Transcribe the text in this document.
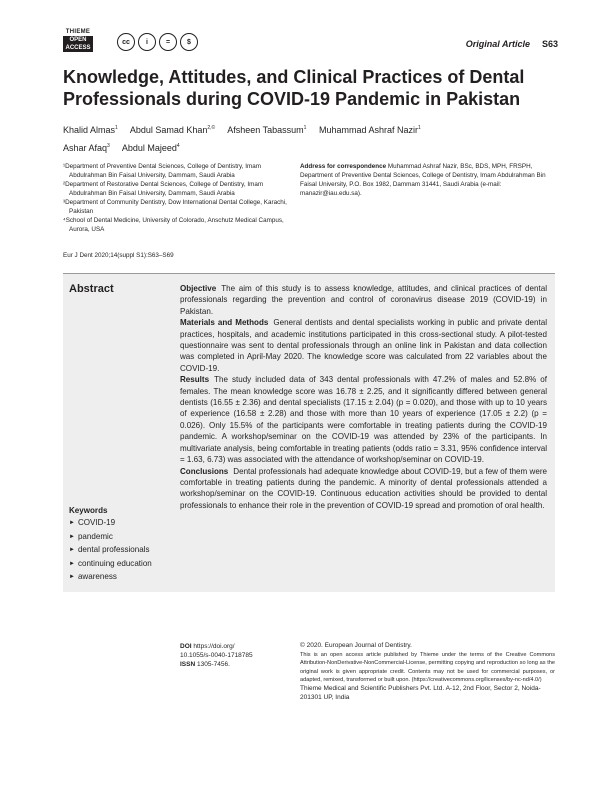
THIEME
OPEN
ACCESS
cc	i	=	$	Original Article S63
Knowledge, Attitudes, and Clinical Practices of Dental Professionals during COVID-19 Pandemic in Pakistan
Khalid Almas$^1$ Abdul Samad Khan$^{2,©}$ Afsheen Tabassum$^1$ Muhammad Ashraf Nazir$^1$
Ashar Afaq$^3$ Abdul Majeed$^4$
¹Department of Preventive Dental Sciences, College of Dentistry, Imam Abdulrahman Bin Faisal University, Dammam, Saudi Arabia
²Department of Restorative Dental Sciences, College of Dentistry, Imam Abdulrahman Bin Faisal University, Dammam, Saudi Arabia
³Department of Community Dentistry, Dow International Dental College, Karachi, Pakistan
⁴School of Dental Medicine, University of Colorado, Anschutz Medical Campus, Aurora, USA
Address for correspondence Muhammad Ashraf Nazir, BSc, BDS, MPH, FRSPH, Department of Preventive Dental Sciences, College of Dentistry, Imam Abdulrahman Bin Faisal University, P.O. Box 1982, Dammam 31441, Saudi Arabia (e-mail: manazir@iau.edu.sa).
Eur J Dent 2020;14(suppl S1):S63–S69
Abstract	Objective The aim of this study is to assess knowledge, attitudes, and clinical practices of dental professionals regarding the prevention and control of coronavirus disease 2019 (COVID-19) in Pakistan.

Materials and Methods General dentists and dental specialists working in public and private dental practices, hospitals, and academic institutions participated in this cross-sectional study. A pilot-tested questionnaire was sent to dental professionals through an online link in Pakistan and data collection was completed in April-May 2020. The knowledge score was calculated from 22 variables about the COVID-19.

Results The study included data of 343 dental professionals with 47.2% of males and 52.8% of females. The mean knowledge score was 16.78 ± 2.25, and it significantly differed between general dentists (16.55 ± 2.36) and dental specialists (17.15 ± 2.04) (p = 0.020), and those with up to 10 years of experience (16.58 ± 2.28) and those with more than 10 years of experience (17.05 ± 2.2) (p = 0.026). Only 15.5% of the participants were comfortable in treating patients during the COVID-19 pandemic. A workshop/seminar on the COVID-19 was attended by 23% of the participants. In multivariate analysis, being comfortable in treating patients (odds ratio = 3.31, 95% confidence interval = 1.63, 6.73) was associated with the attendance of workshop/seminar on COVID-19.

Conclusions Dental professionals had adequate knowledge about COVID-19, but a few of them were comfortable in treating patients during the pandemic. A minority of dental professionals attended a workshop/seminar on the COVID-19. Continuous education activities should be provided to dental professionals to enhance their role in the prevention of COVID-19 spread and promotion of oral health.

Keywords
► COVID-19
► pandemic
► dental professionals
► continuing education
► awareness
DOI https://doi.org/
10.1055/s-0040-1718785
ISSN 1305-7456.
© 2020. European Journal of Dentistry.
This is an open access article published by Thieme under the terms of the Creative Commons Attribution-NonDerivative-NonCommercial-License, permitting copying and reproduction so long as the original work is given appropriate credit. Contents may not be used for commercial purposes, or adapted, remixed, transformed or built upon. (https://creativecommons.org/licenses/by-nc-nd/4.0/)
Thieme Medical and Scientific Publishers Pvt. Ltd. A-12, 2nd Floor, Sector 2, Noida-201301 UP, India
